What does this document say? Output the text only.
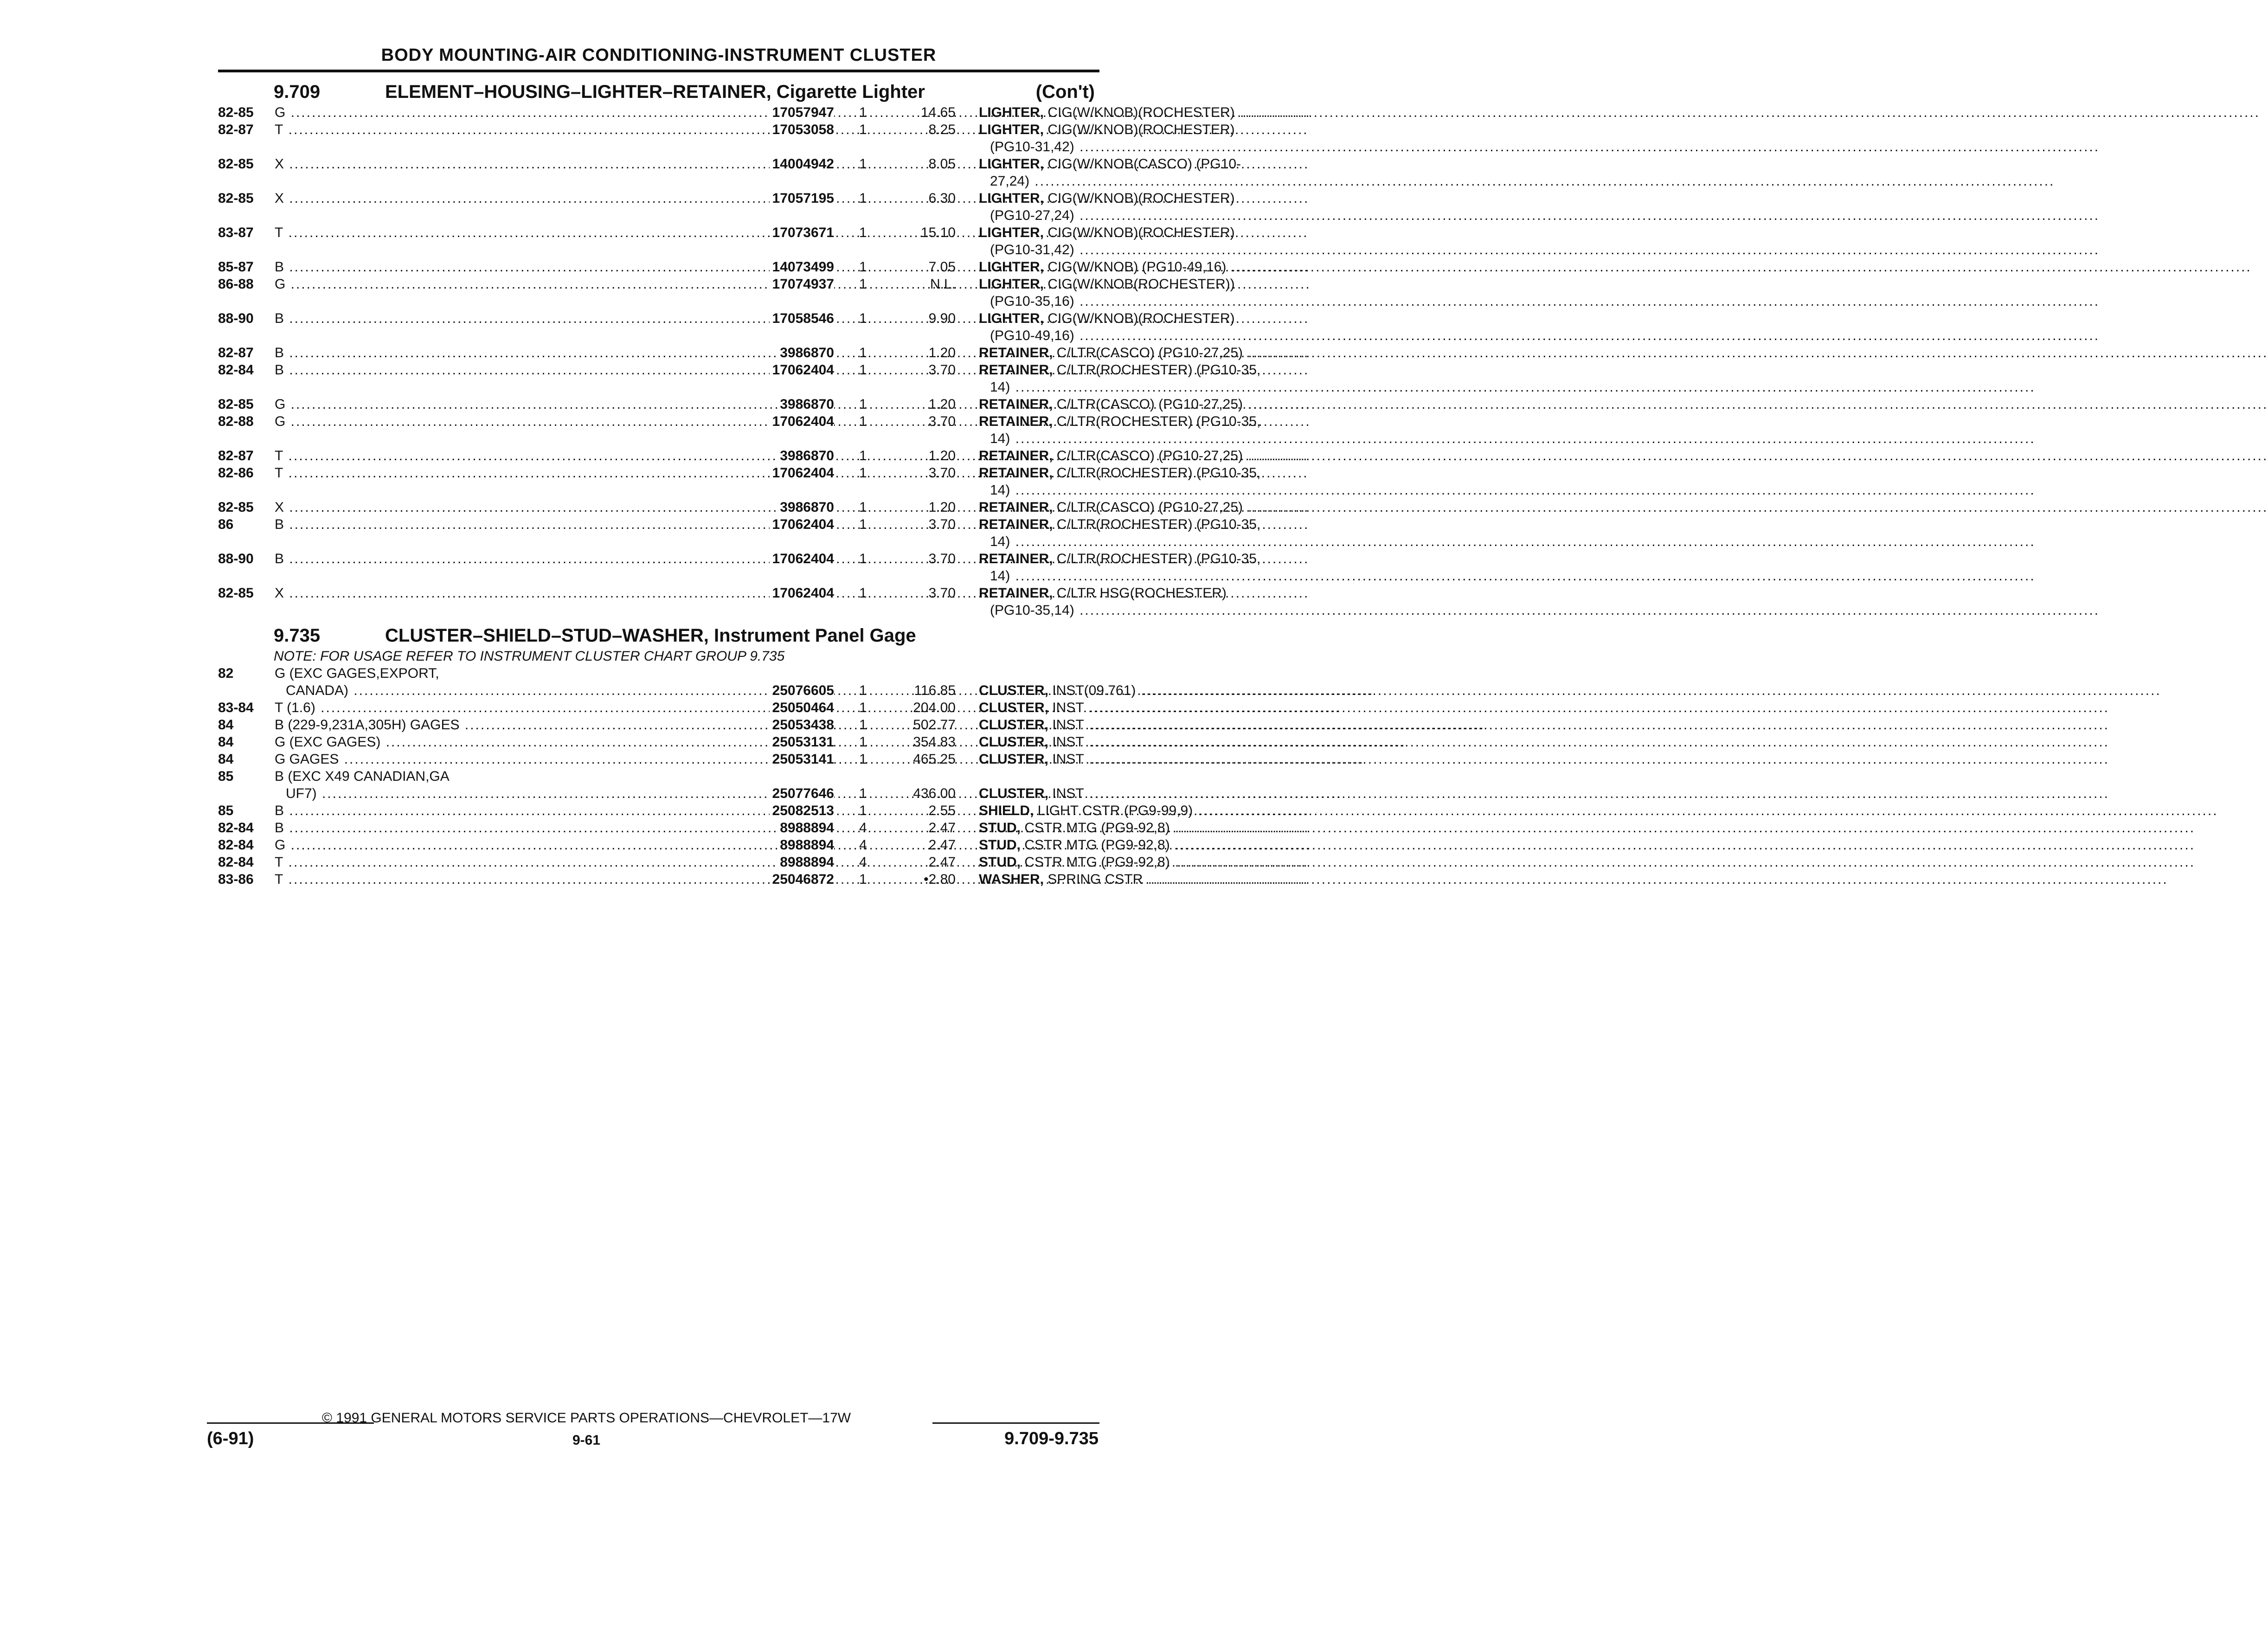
BODY MOUNTING-AIR CONDITIONING-INSTRUMENT CLUSTER
9.709	ELEMENT–HOUSING–LIGHTER–RETAINER, Cigarette Lighter	(Con't)
82-85	G .....	17057947 1	14.65 LIGHTER, CIG(W/KNOB)(ROCHESTER) .....
82-87	T .....	17053058 1	8.25 LIGHTER, CIG(W/KNOB)(ROCHESTER)
(PG10-31,42) .....
82-85	X .....	14004942 1	8.05 LIGHTER, CIG(W/KNOB(CASCO) (PG10-
27,24) .....
82-85	X .....	17057195 1	6.30 LIGHTER, CIG(W/KNOB)(ROCHESTER)
(PG10-27,24) .....
83-87	T .....	17073671 1	15.10 LIGHTER, CIG(W/KNOB)(ROCHESTER)
(PG10-31,42) .....
85-87	B .....	14073499 1	7.05 LIGHTER, CIG(W/KNOB) (PG10-49,16) .....
86-88	G .....	17074937 1	N.L. LIGHTER, CIG(W/KNOB(ROCHESTER))
(PG10-35,16) .....
88-90	B .....	17058546 1	9.90 LIGHTER, CIG(W/KNOB)(ROCHESTER)
(PG10-49,16) .....
82-87	B .....	3986870 1	1.20 RETAINER, C/LTR(CASCO) (PG10-27,25) .....
82-84	B .....	17062404 1	3.70 RETAINER, C/LTR(ROCHESTER) (PG10-35,
14) .....
82-85	G .....	3986870 1	1.20 RETAINER, C/LTR(CASCO) (PG10-27,25) .....
82-88	G .....	17062404 1	3.70 RETAINER, C/LTR(ROCHESTER) (PG10-35,
14) .....
82-87	T .....	3986870 1	1.20 RETAINER, C/LTR(CASCO) (PG10-27,25) .....
82-86	T .....	17062404 1	3.70 RETAINER, C/LTR(ROCHESTER) (PG10-35,
14) .....
82-85	X .....	3986870 1	1.20 RETAINER, C/LTR(CASCO) (PG10-27,25) .....
86	B .....	17062404 1	3.70 RETAINER, C/LTR(ROCHESTER) (PG10-35,
14) .....
88-90	B .....	17062404 1	3.70 RETAINER, C/LTR(ROCHESTER) (PG10-35,
14) .....
82-85	X .....	17062404 1	3.70 RETAINER, C/LTR HSG(ROCHESTER)
(PG10-35,14) .....
9.735	CLUSTER–SHIELD–STUD–WASHER, Instrument Panel Gage
NOTE: FOR USAGE REFER TO INSTRUMENT CLUSTER CHART GROUP 9.735
82	G (EXC GAGES,EXPORT,
CANADA) .....	25076605 1	116.85 CLUSTER, INST(09.761) .....
83-84	T (1.6) .....	25050464 1	204.00 CLUSTER, INST .....
84	B (229-9,231A,305H) GAGES .....	25053438 1	502.77 CLUSTER, INST .....
84	G (EXC GAGES) .....	25053131 1	354.83 CLUSTER, INST .....
84	G GAGES .....	25053141 1	465.25 CLUSTER, INST .....
85	B (EXC X49 CANADIAN,GA
UF7) .....	25077646 1	436.00 CLUSTER, INST .....
85	B .....	25082513 1	2.55 SHIELD, LIGHT CSTR (PG9-99,9) .....
82-84	B .....	8988894 4	2.47 STUD, CSTR MTG (PG9-92,8) .....
82-84	G .....	8988894 4	2.47 STUD, CSTR MTG (PG9-92,8) .....
82-84	T .....	8988894 4	2.47 STUD, CSTR MTG (PG9-92,8) .....
83-86	T .....	25046872 1	•2.80 WASHER, SPRING CSTR .....
© 1991 GENERAL MOTORS SERVICE PARTS OPERATIONS—CHEVROLET—17W
(6-91)	9-61	9.709-9.735
